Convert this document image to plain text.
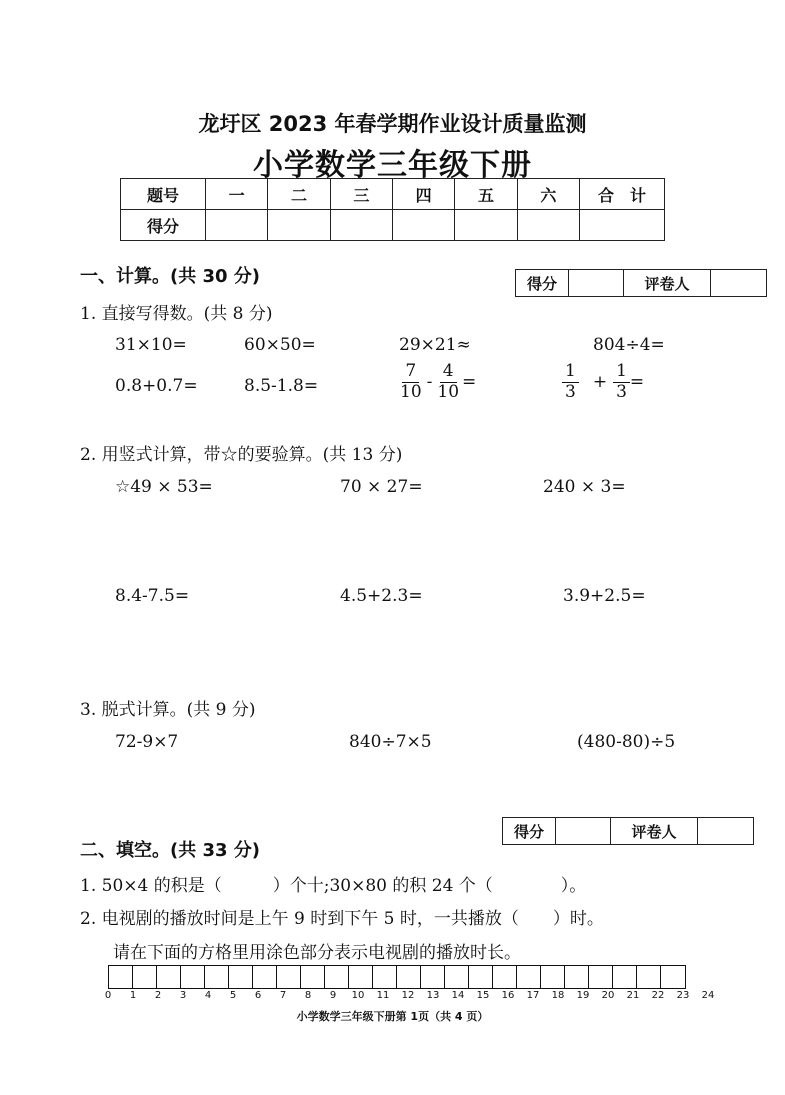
龙圩区 2023 年春学期作业设计质量监测
小学数学三年级下册
题号	一	二	三	四	五	六	合　计
得分							
一、计算。(共 30 分)	得分		评卷人	
1. 直接写得数。(共 8 分)
31×10=	60×50=	29×21≈	804÷4=
0.8+0.7=	8.5-1.8=	$\frac{7}{10} - \frac{4}{10}$ =	$\frac{1}{3} + \frac{1}{3}$ =
2. 用竖式计算，带☆的要验算。(共 13 分)
☆49 × 53=	70 × 27=	240 × 3=
8.4-7.5=	4.5+2.3=	3.9+2.5=
3. 脱式计算。(共 9 分)
72-9×7	840÷7×5	(480-80)÷5
得分		评卷人	
二、填空。(共 33 分)
1. 50×4 的积是（　　　）个十;30×80 的积 24 个（　　　　）。
2. 电视剧的播放时间是上午 9 时到下午 5 时，一共播放（　　）时。
请在下面的方格里用涂色部分表示电视剧的播放时长。
0 1 2 3 4 5 6 7 8 9 10 11 12 13 14 15 16 17 18 19 20 21 22 23 24
小学数学三年级下册第 1页（共 4 页）
